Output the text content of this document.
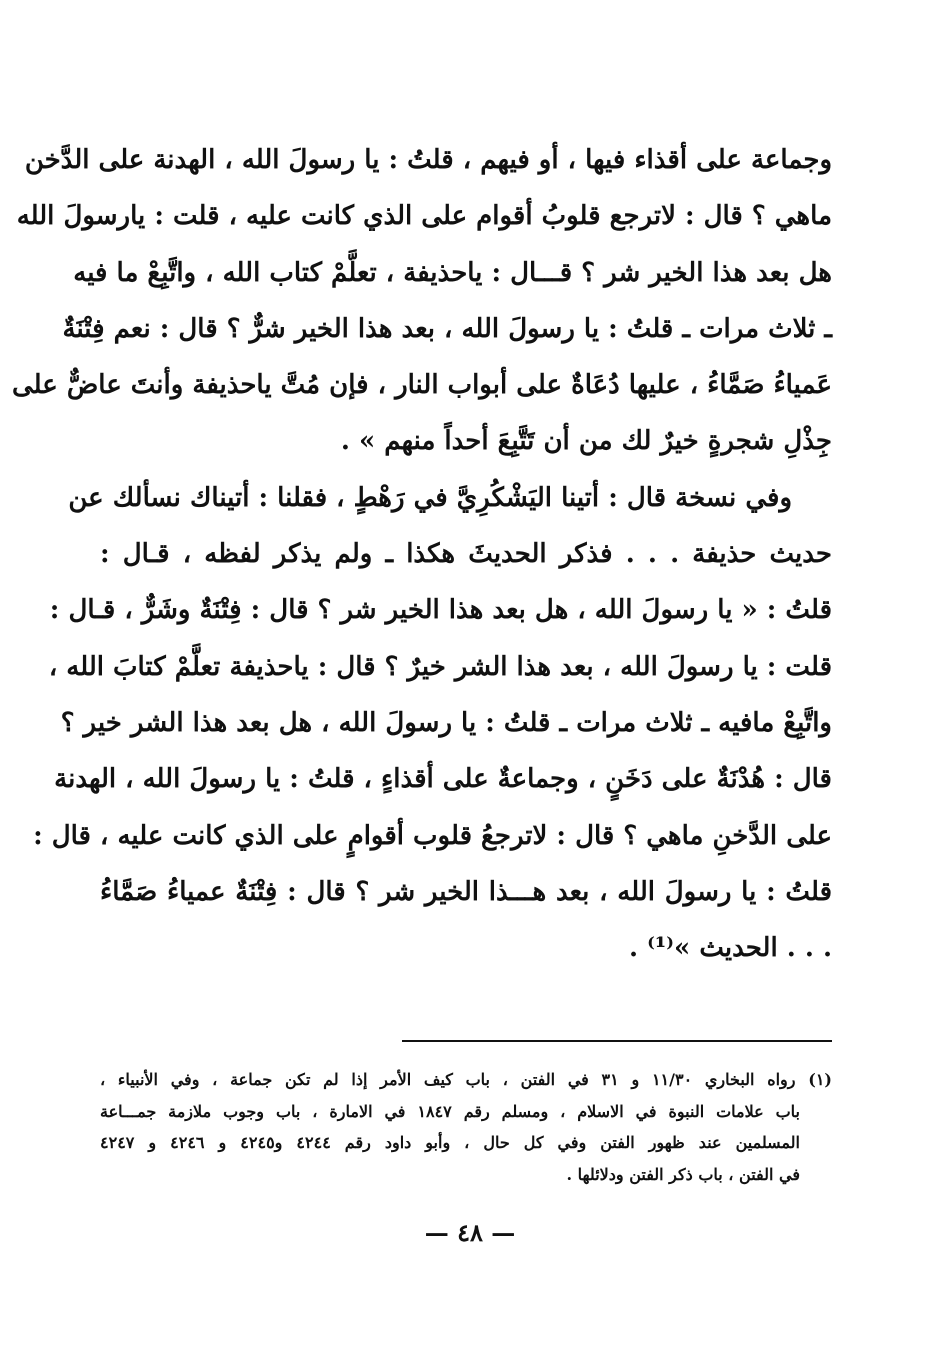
وجماعة على أقذاء فيها ، أو فيهم ، قلتُ : يا رسولَ الله ، الهدنة على الدَّخن
ماهي ؟ قال : لاترجع قلوبُ أقوام على الذي كانت عليه ، قلت : يارسولَ الله
هل بعد هذا الخير شر ؟ قـــال : ياحذيفة ، تعلَّمْ كتاب الله ، واتَّبِعْ ما فيه
ـ ثلاث مرات ـ قلتُ : يا رسولَ الله ، بعد هذا الخير شرٌّ ؟ قال : نعم فِتْنَةٌ
عَمياءُ صَمَّاءُ ، عليها دُعَاةٌ على أبواب النار ، فإن مُتَّ ياحذيفة وأنتَ عاضٌّ على
جِذْلِ شجرةٍ خيرٌ لك من أن تَتَّبِعَ أحداً منهم » .
وفي نسخة قال : أتينا اليَشْكُرِيَّ في رَهْطٍ ، فقلنا : أتيناك نسألك عن
حديث حذيفة . . . فذكر الحديثَ هكذا ـ ولم يذكر لفظه ، قـال :
قلتُ : « يا رسولَ الله ، هل بعد هذا الخير شر ؟ قال : فِتْنَةٌ وشَرٌّ ، قـال :
قلت : يا رسولَ الله ، بعد هذا الشر خيرٌ ؟ قال : ياحذيفة تعلَّمْ كتابَ الله ،
واتَّبِعْ مافيه ـ ثلاث مرات ـ قلتُ : يا رسولَ الله ، هل بعد هذا الشر خير ؟
قال : هُدْنَةٌ على دَخَنٍ ، وجماعةٌ على أقذاءٍ ، قلتُ : يا رسولَ الله ، الهدنة
على الدَّخنِ ماهي ؟ قال : لاترجعُ قلوب أقوامٍ على الذي كانت عليه ، قال :
قلتُ : يا رسولَ الله ، بعد هـــذا الخير شر ؟ قال : فِتْنَةٌ عمياءُ صَمَّاءُ
. . . الحديث »⁽¹⁾ .
(١) رواه البخاري ١١/٣٠ و ٣١ في الفتن ، باب كيف الأمر إذا لم تكن جماعة ، وفي الأنبياء ،
باب علامات النبوة في الاسلام ، ومسلم رقم ١٨٤٧ في الامارة ، باب وجوب ملازمة جمـــاعة
المسلمين عند ظهور الفتن وفي كل حال ، وأبو داود رقم ٤٢٤٤ و٤٢٤٥ و ٤٢٤٦ و ٤٢٤٧
في الفتن ، باب ذكر الفتن ودلائلها .
— ٤٨ —
